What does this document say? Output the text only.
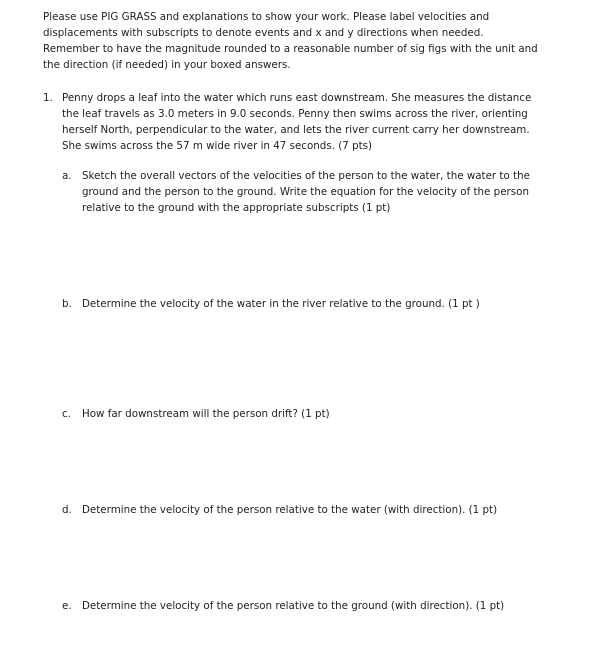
Please use PIG GRASS and explanations to show your work. Please label velocities and
displacements with subscripts to denote events and x and y directions when needed.
Remember to have the magnitude rounded to a reasonable number of sig figs with the unit and
the direction (if needed) in your boxed answers.
1. Penny drops a leaf into the water which runs east downstream. She measures the distance
the leaf travels as 3.0 meters in 9.0 seconds. Penny then swims across the river, orienting
herself North, perpendicular to the water, and lets the river current carry her downstream.
She swims across the 57 m wide river in 47 seconds. (7 pts)
a. Sketch the overall vectors of the velocities of the person to the water, the water to the
ground and the person to the ground. Write the equation for the velocity of the person
relative to the ground with the appropriate subscripts (1 pt)
b. Determine the velocity of the water in the river relative to the ground. (1 pt )
c. How far downstream will the person drift? (1 pt)
d. Determine the velocity of the person relative to the water (with direction). (1 pt)
e. Determine the velocity of the person relative to the ground (with direction). (1 pt)
